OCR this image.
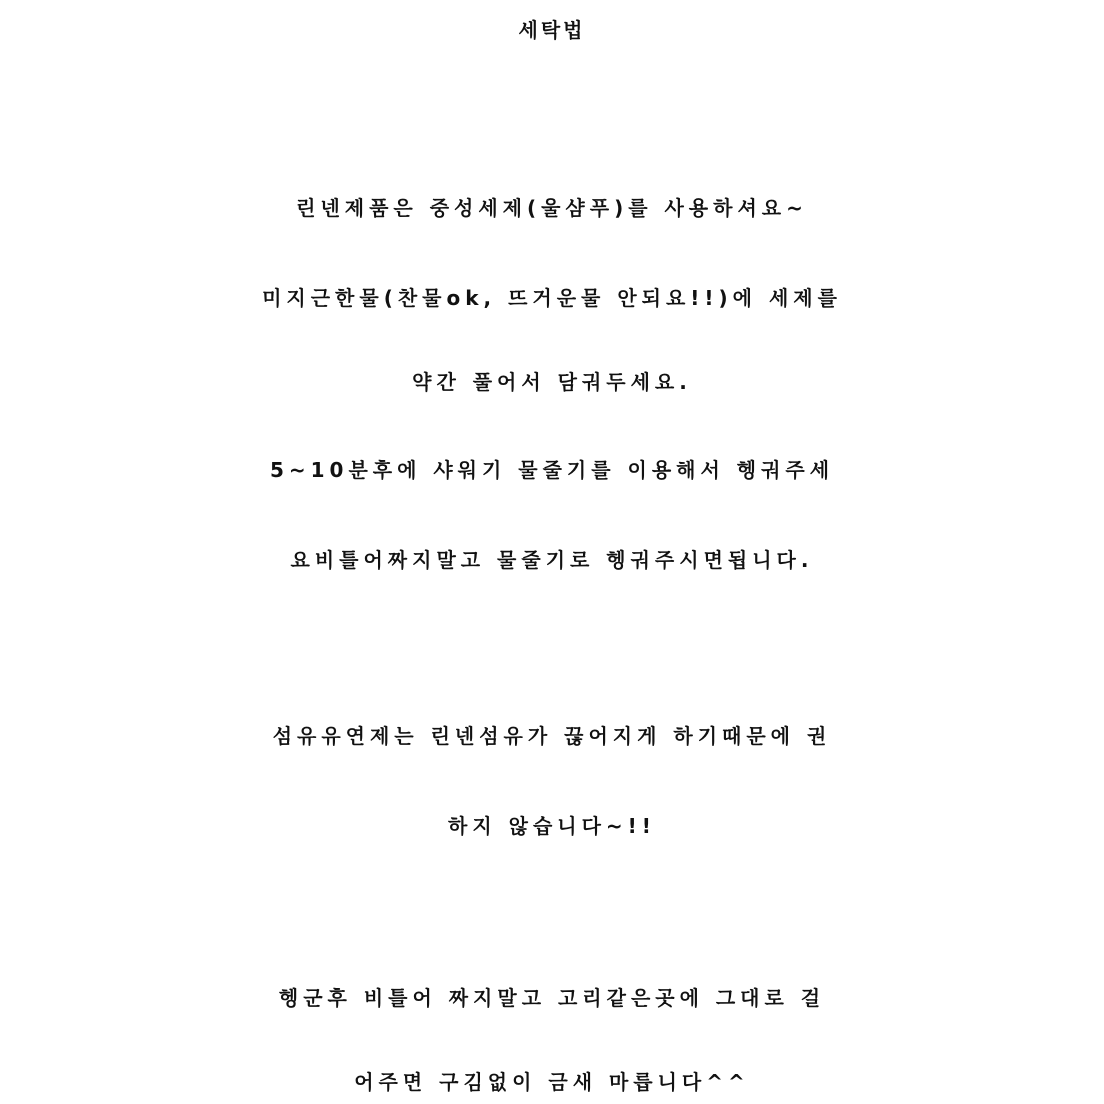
세탁법
린넨제품은 중성세제(울샴푸)를 사용하셔요~
미지근한물(찬물ok, 뜨거운물 안되요!!)에 세제를
약간 풀어서 담궈두세요.
5~10분후에 샤워기 물줄기를 이용해서 헹궈주세
요비틀어짜지말고 물줄기로 헹궈주시면됩니다.
섬유유연제는 린넨섬유가 끊어지게 하기때문에 권
하지 않습니다~!!
헹군후 비틀어 짜지말고 고리같은곳에 그대로 걸
어주면 구김없이 금새 마릅니다^^
